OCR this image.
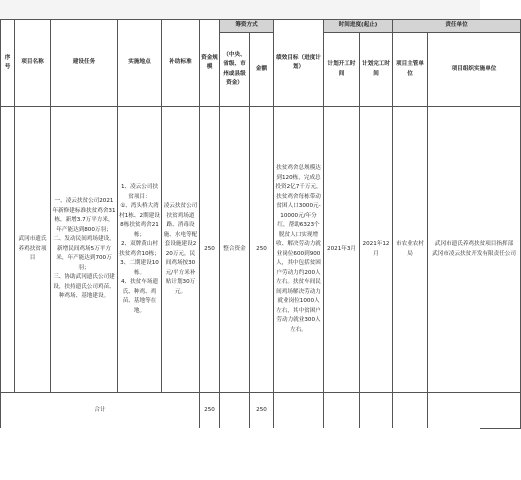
序号	项目名称	建设任务	实施地点	补助标准	资金规模	筹资方式		绩效目标（进度计划）	时间进度(起止)		责任单位	
						（中央、省级、市州或县级资金）	金额		计划开工时间	计划完工时间	项目主管单位	项目组织实施单位

	武冈市遗氏养鸡扶贫项目	一、凌云扶贫公司2021年新修建标准扶贫鸡舍31栋，新增3.7万平方米，年产能达到800万羽；
二、发动民间鸡场建设，新增民间鸡场5万平方米，年产能达到700万羽；
三、协助武冈遗氏公司建设，扶持遗氏公司鸡苗、种鸡场、基地建设。	1、凌云公司扶贫项目：
①、湾头桥大湾村1栋、2期建设8栋扶贫鸡舍21栋；
2、双牌黄山村扶贫鸡舍10栋；
3、二期建设10栋。
4、扶贫车场遗氏、种鸡、鸡苗、基地等在地。	凌云扶贫公司扶贫鸡场道路、消毒设施、水电等配套设施建设220万元，民间鸡场按30元/平方米补贴计划30万元。	250	整合资金	250	扶贫鸡舍总规模达到120栋，完成总投资2亿7千万元，扶贫鸡舍每栋带动贫困人口3000元-10000元/年分红，帮助6323个脱贫人口实现增收、解决劳动力就业岗位600到900人，其中包括贫困户劳动力约200人左右。扶贫车间民间鸡场解决劳动力就业岗位1000人左右，其中贫困户劳动力就业300人左右。	2021年3月	2021年12月	市农业农村局	武冈市遗氏养鸡扶贫项目指挥部
武冈市凌云扶贫开发有限责任公司
合计					250		250					
